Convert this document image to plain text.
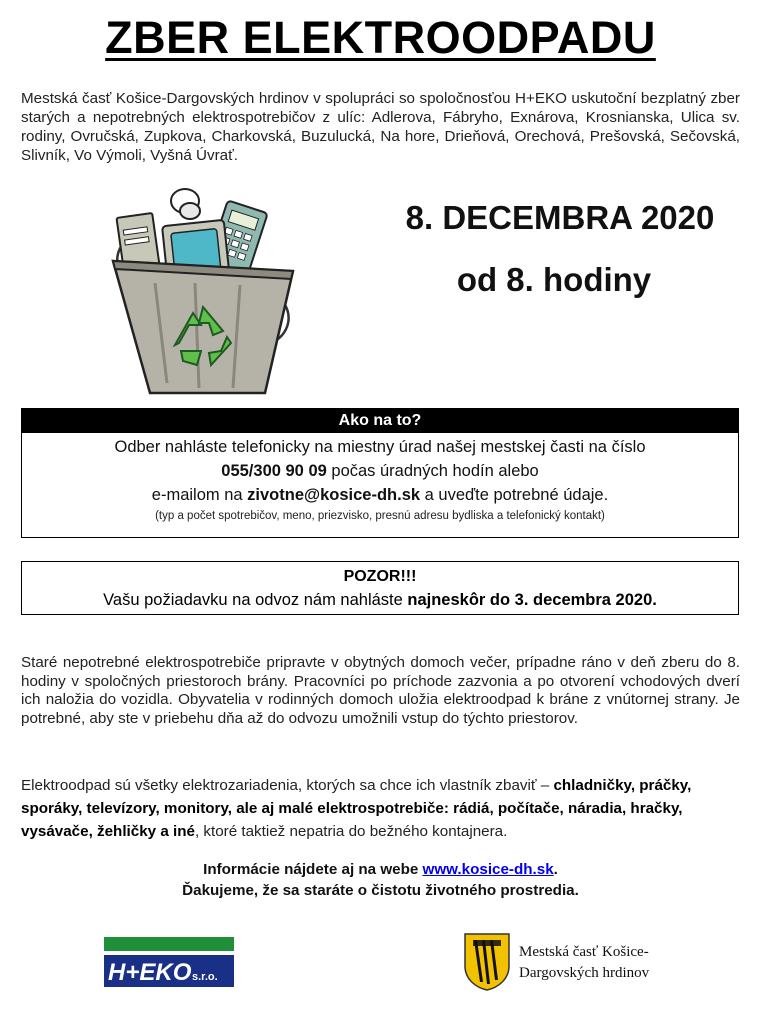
ZBER ELEKTROODPADU
Mestská časť Košice-Dargovských hrdinov v spolupráci so spoločnosťou H+EKO uskutoční bezplatný zber starých a nepotrebných elektrospotrebičov z ulíc: Adlerova, Fábryho, Exnárova, Krosnianska, Ulica sv. rodiny, Ovručská, Zupkova, Charkovská, Buzulucká, Na hore, Drieňová, Orechová, Prešovská, Sečovská, Slivník, Vo Výmoli, Vyšná Úvrať.
8. DECEMBRA 2020
od 8. hodiny
Ako na to?
Odber nahláste telefonicky na miestny úrad našej mestskej časti na číslo
055/300 90 09 počas úradných hodín alebo
e-mailom na zivotne@kosice-dh.sk a uveďte potrebné údaje.
(typ a počet spotrebičov, meno, priezvisko, presnú adresu bydliska a telefonický kontakt)
POZOR!!!
Vašu požiadavku na odvoz nám nahláste najneskôr do 3. decembra 2020.
Staré nepotrebné elektrospotrebiče pripravte v obytných domoch večer, prípadne ráno v deň zberu do 8. hodiny v spoločných priestoroch brány. Pracovníci po príchode zazvonia a po otvorení vchodových dverí ich naložia do vozidla. Obyvatelia v rodinných domoch uložia elektroodpad k bráne z vnútornej strany. Je potrebné, aby ste v priebehu dňa až do odvozu umožnili vstup do týchto priestorov.
Elektroodpad sú všetky elektrozariadenia, ktorých sa chce ich vlastník zbaviť – chladničky, práčky, sporáky, televízory, monitory, ale aj malé elektrospotrebiče: rádiá, počítače, náradia, hračky, vysávače, žehličky a iné, ktoré taktiež nepatria do bežného kontajnera.
Informácie nájdete aj na webe www.kosice-dh.sk.
Ďakujeme, že sa staráte o čistotu životného prostredia.
H+EKO s.r.o.
Mestská časť Košice-
Dargovských hrdinov
